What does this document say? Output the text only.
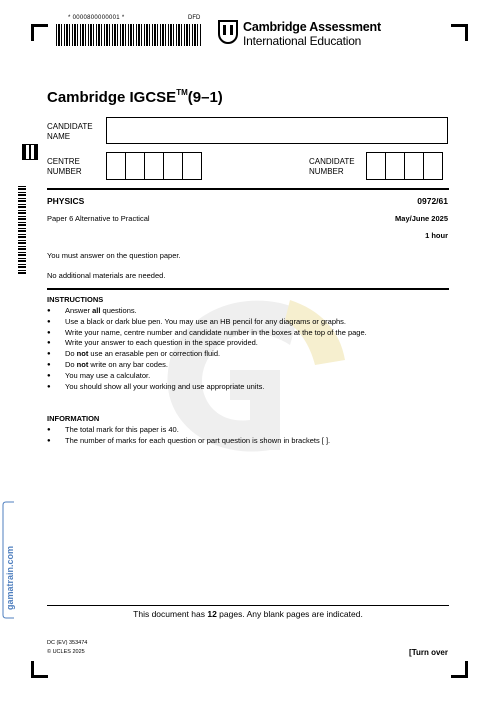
* 0000800000001 *	DFD
Cambridge Assessment
International Education
Cambridge IGCSE™(9–1)
CANDIDATE
NAME
CENTRE
NUMBER
CANDIDATE
NUMBER
PHYSICS	0972/61
Paper 6 Alternative to Practical	May/June 2025
1 hour
You must answer on the question paper.
No additional materials are needed.
INSTRUCTIONS
● Answer all questions.
● Use a black or dark blue pen. You may use an HB pencil for any diagrams or graphs.
● Write your name, centre number and candidate number in the boxes at the top of the page.
● Write your answer to each question in the space provided.
● Do not use an erasable pen or correction fluid.
● Do not write on any bar codes.
● You may use a calculator.
● You should show all your working and use appropriate units.
INFORMATION
● The total mark for this paper is 40.
● The number of marks for each question or part question is shown in brackets [ ].
gamatrain.com
This document has 12 pages. Any blank pages are indicated.
DC (EV) 353474
© UCLES 2025	[Turn over
